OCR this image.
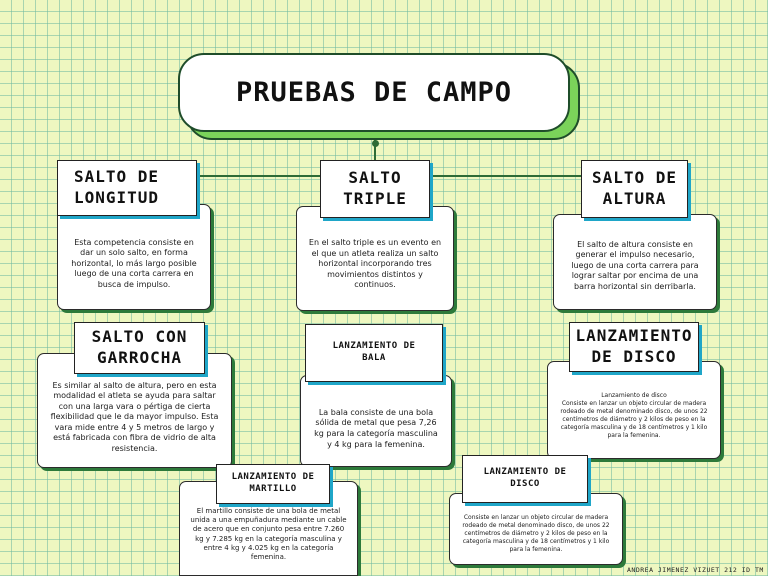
PRUEBAS DE CAMPO
Esta competencia consiste en dar un solo salto, en forma horizontal, lo más largo posible luego de una corta carrera en busca de impulso.
SALTO DE
LONGITUD
En el salto triple es un evento en el que un atleta realiza un salto horizontal incorporando tres movimientos distintos y continuos.
SALTO
TRIPLE
El salto de altura consiste en generar el impulso necesario, luego de una corta carrera para lograr saltar por encima de una barra horizontal sin derribarla.
SALTO DE
ALTURA
Es similar al salto de altura, pero en esta modalidad el atleta se ayuda para saltar con una larga vara o pértiga de cierta flexibilidad que le da mayor impulso. Esta vara mide entre 4 y 5 metros de largo y está fabricada con fibra de vidrio de alta resistencia.
SALTO CON
GARROCHA
La bala consiste de una bola sólida de metal que pesa 7,26 kg para la categoría masculina y 4 kg para la femenina.
LANZAMIENTO DE
BALA
Lanzamiento de disco
Consiste en lanzar un objeto circular de madera rodeado de metal denominado disco, de unos 22 centímetros de diámetro y 2 kilos de peso en la categoría masculina y de 18 centímetros y 1 kilo para la femenina.
LANZAMIENTO
DE DISCO
El martillo consiste de una bola de metal unida a una empuñadura mediante un cable de acero que en conjunto pesa entre 7.260 kg y 7.285 kg en la categoría masculina y entre 4 kg y 4.025 kg en la categoría femenina.
LANZAMIENTO DE
MARTILLO
Consiste en lanzar un objeto circular de madera rodeado de metal denominado disco, de unos 22 centímetros de diámetro y 2 kilos de peso en la categoría masculina y de 18 centímetros y 1 kilo para la femenina.
LANZAMIENTO DE
DISCO
ANDREA JIMENEZ VIZUET 212 ID TM
